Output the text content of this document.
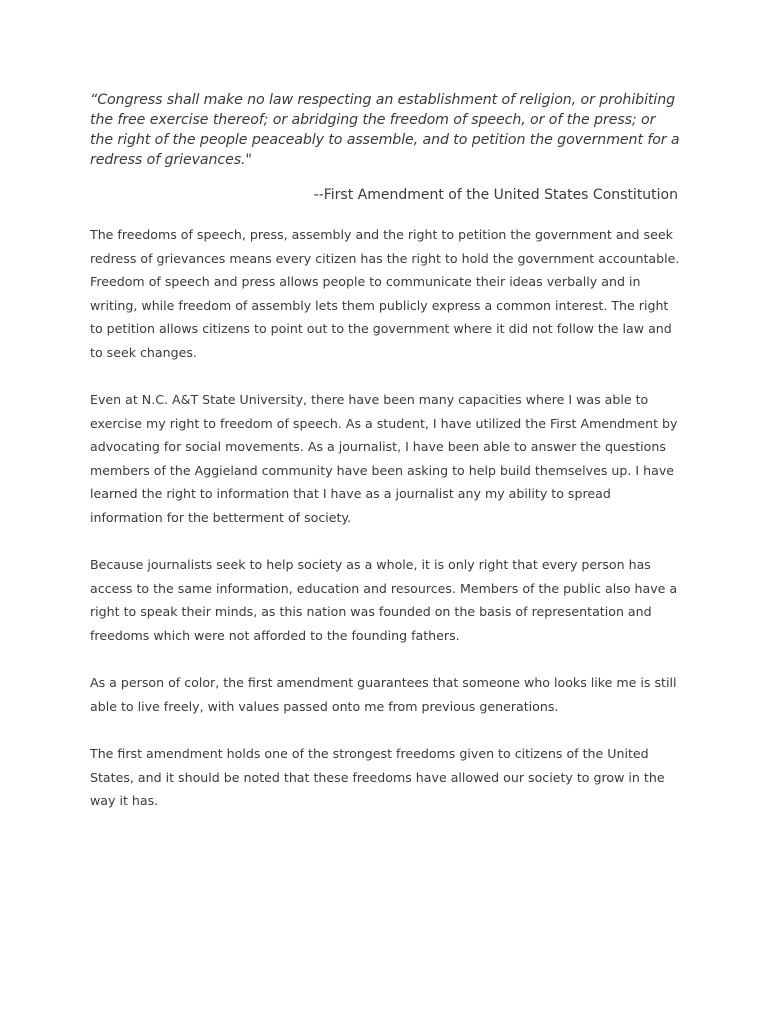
“Congress shall make no law respecting an establishment of religion, or prohibiting the free exercise thereof; or abridging the freedom of speech, or of the press; or the right of the people peaceably to assemble, and to petition the government for a redress of grievances."

--First Amendment of the United States Constitution

The freedoms of speech, press, assembly and the right to petition the government and seek redress of grievances means every citizen has the right to hold the government accountable. Freedom of speech and press allows people to communicate their ideas verbally and in writing, while freedom of assembly lets them publicly express a common interest. The right to petition allows citizens to point out to the government where it did not follow the law and to seek changes.

Even at N.C. A&T State University, there have been many capacities where I was able to exercise my right to freedom of speech. As a student, I have utilized the First Amendment by advocating for social movements. As a journalist, I have been able to answer the questions members of the Aggieland community have been asking to help build themselves up. I have learned the right to information that I have as a journalist any my ability to spread information for the betterment of society.

Because journalists seek to help society as a whole, it is only right that every person has access to the same information, education and resources. Members of the public also have a right to speak their minds, as this nation was founded on the basis of representation and freedoms which were not afforded to the founding fathers.

As a person of color, the first amendment guarantees that someone who looks like me is still able to live freely, with values passed onto me from previous generations.

The first amendment holds one of the strongest freedoms given to citizens of the United States, and it should be noted that these freedoms have allowed our society to grow in the way it has.
